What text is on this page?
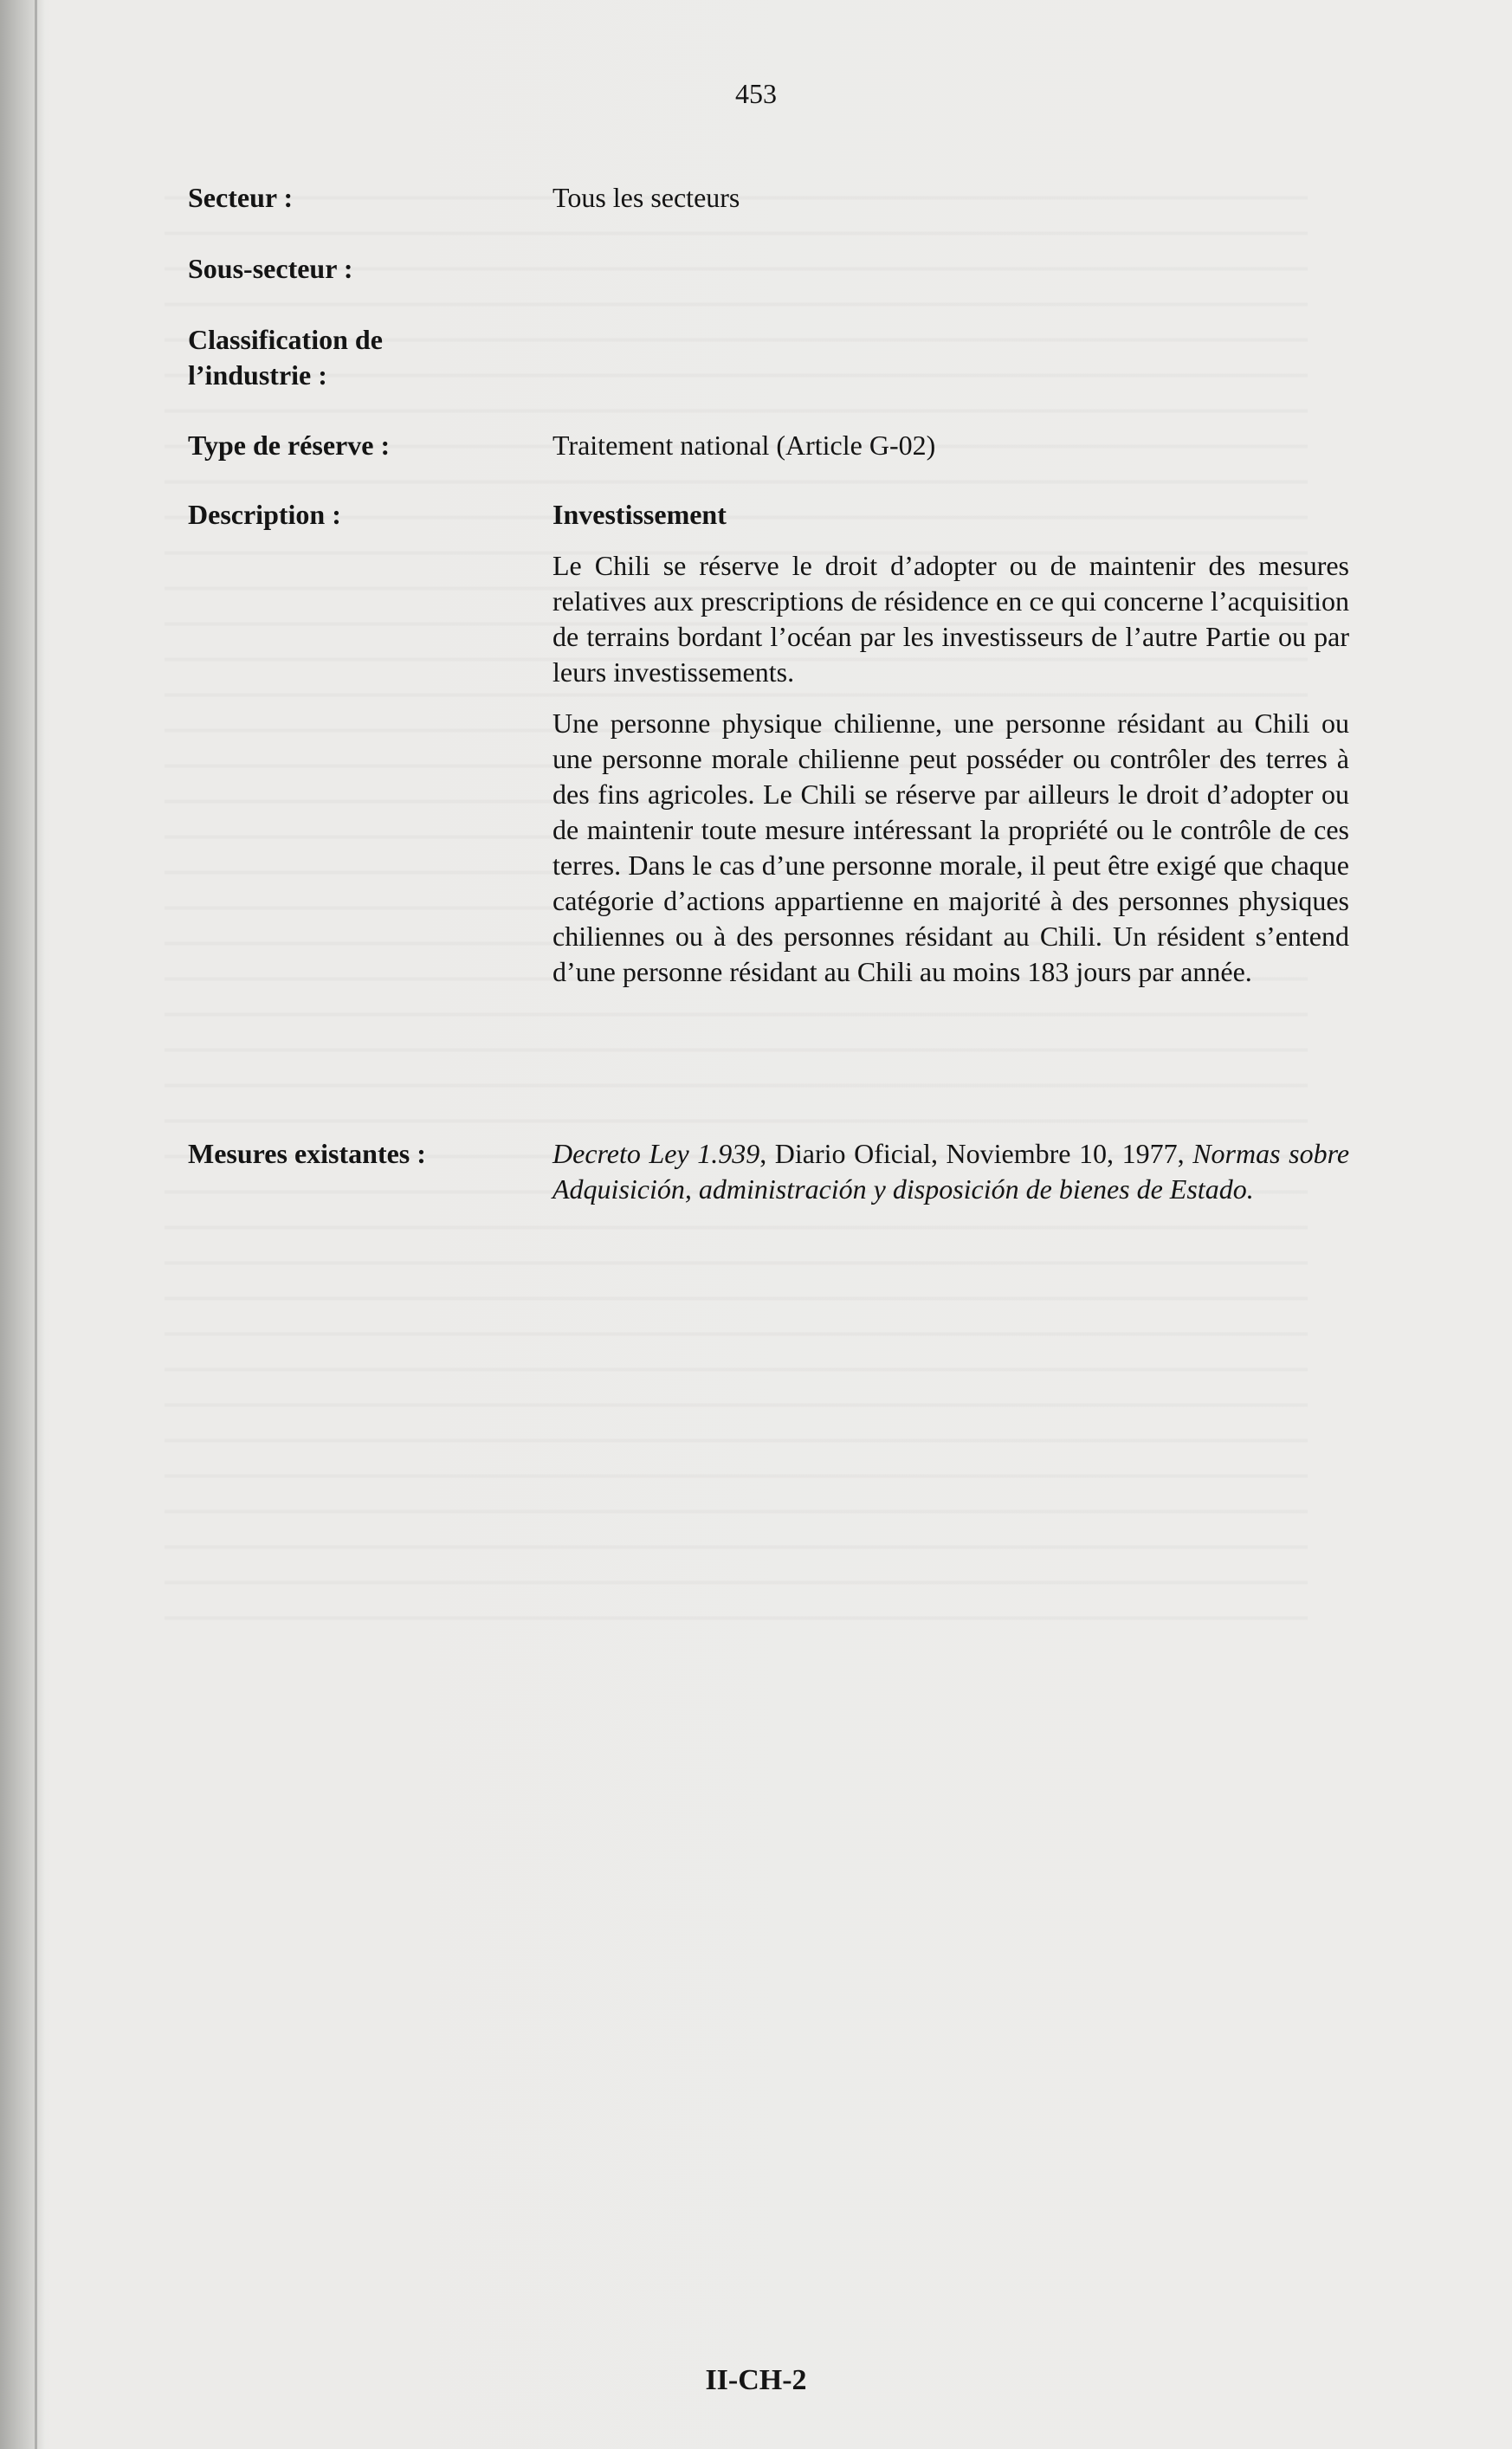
453
Secteur :	Tous les secteurs
Sous-secteur :
Classification de
l’industrie :
Type de réserve :	Traitement national (Article G-02)
Description :	Investissement

Le Chili se réserve le droit d’adopter ou de maintenir des mesures relatives aux prescriptions de résidence en ce qui concerne l’acquisition de terrains bordant l’océan par les investisseurs de l’autre Partie ou par leurs investissements.

Une personne physique chilienne, une personne résidant au Chili ou une personne morale chilienne peut posséder ou contrôler des terres à des fins agricoles. Le Chili se réserve par ailleurs le droit d’adopter ou de maintenir toute mesure intéressant la propriété ou le contrôle de ces terres. Dans le cas d’une personne morale, il peut être exigé que chaque catégorie d’actions appartienne en majorité à des personnes physiques chiliennes ou à des personnes résidant au Chili. Un résident s’entend d’une personne résidant au Chili au moins 183 jours par année.

Mesures existantes :	Decreto Ley 1.939, Diario Oficial, Noviembre 10, 1977, Normas sobre Adquisición, administración y disposición de bienes de Estado.

II-CH-2
